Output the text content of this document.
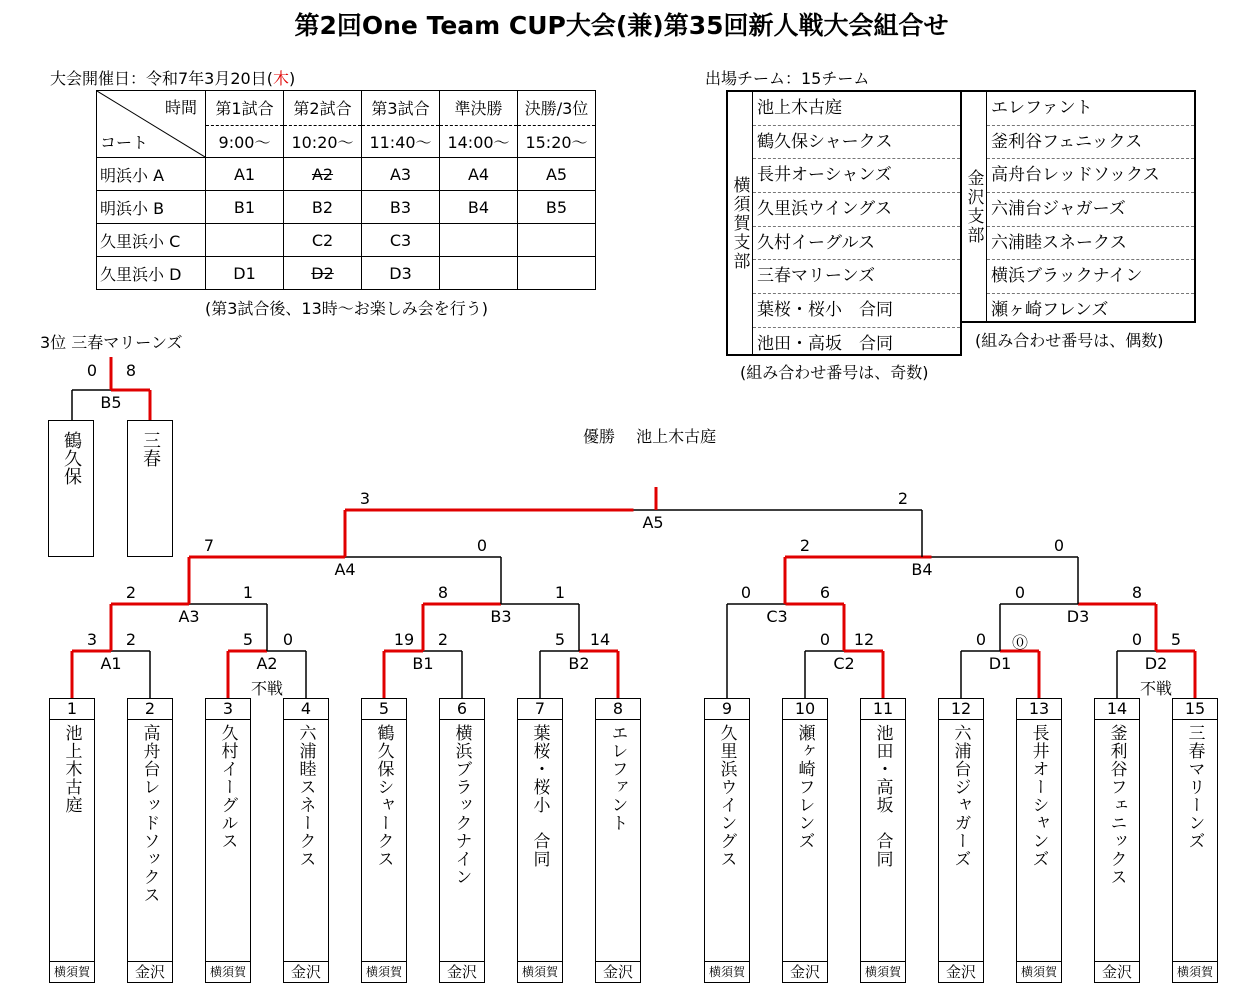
第2回One Team CUP大会(兼)第35回新人戦大会組合せ
大会開催日：令和7年3月20日(木)
時間
コート	第1試合	第2試合	第3試合	準決勝	決勝/3位
	9:00〜	10:20〜	11:40〜	14:00〜	15:20〜
明浜小 A	A1	A2	A3	A4	A5
明浜小 B	B1	B2	B3	B4	B5
久里浜小 C		C2	C3		
久里浜小 D	D1	D2	D3		
(第3試合後、13時〜お楽しみ会を行う)
3位 三春マリーンズ
出場チーム：15チーム
横須賀支部
池上木古庭
鶴久保シャークス
長井オーシャンズ
久里浜ウイングス
久村イーグルス
三春マリーンズ
葉桜・桜小　合同
池田・高坂　合同
(組み合わせ番号は、奇数)
金沢支部
エレファント
釜利谷フェニックス
高舟台レッドソックス
六浦台ジャガーズ
六浦睦スネークス
横浜ブラックナイン
瀬ヶ崎フレンズ
(組み合わせ番号は、偶数)
優勝　 池上木古庭
鶴久保	三春
A1
3 2
A2
5 0
不戦
B1
19 2
B2
5 14
C2
0 12
D1
0 ⓪
D2
0 5
不戦
A3
2	1
B3
8	1
C3
0	6
D3
0	8
A4
7	0
B4
2	0
A5
3	2
B5
0 8
1
池上木古庭
横須賀
2
高舟台レッドソックス
金沢
3
久村イーグルス
横須賀
4
六浦睦スネークス
金沢
5
鶴久保シャークス
横須賀
6
横浜ブラックナイン
金沢
7
葉桜・桜小　合同
横須賀
8
エレファント
金沢
9
久里浜ウイングス
横須賀
10
瀬ヶ崎フレンズ
金沢
11
池田・高坂　合同
横須賀
12
六浦台ジャガーズ
金沢
13
長井オーシャンズ
横須賀
14
釜利谷フェニックス
金沢
15
三春マリーンズ
横須賀
